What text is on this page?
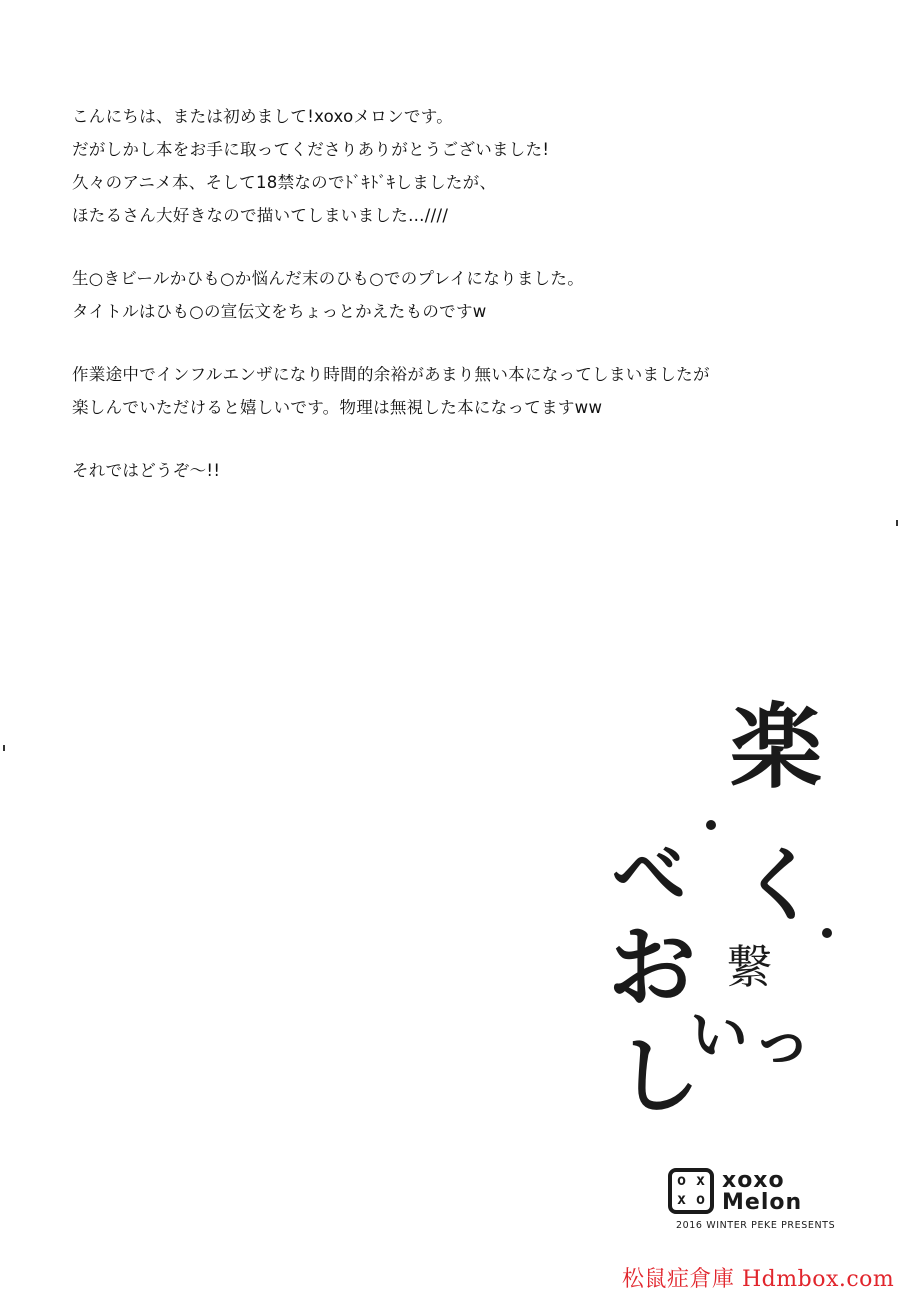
こんにちは、または初めまして!xoxoメロンです。
だがしかし本をお手に取ってくださりありがとうございました!
久々のアニメ本、そして18禁なのでﾄﾞｷﾄﾞｷしましたが、
ほたるさん大好きなので描いてしまいました…////
生○きビールかひも○か悩んだ末のひも○でのプレイになりました。
タイトルはひも○の宣伝文をちょっとかえたものですw
作業途中でインフルエンザになり時間的余裕があまり無い本になってしまいましたが
楽しんでいただけると嬉しいです。物理は無視した本になってますww
それではどうぞ～!!
楽
く
繋
っ
べ
お
い
し
o x
x o
xoxo
Melon
2016 WINTER PEKE PRESENTS
松鼠症倉庫 Hdmbox.com
